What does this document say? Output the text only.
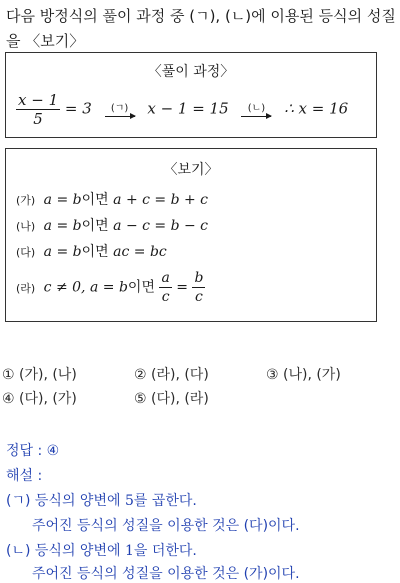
다음 방정식의 풀이 과정 중 (ㄱ), (ㄴ)에 이용된 등식의 성질을 〈보기〉
〈풀이 과정〉
$\frac{x - 1}{5} = 3$ (ㄱ) x − 1 = 15 (ㄴ) ∴ x = 16
〈보기〉
(가) a = b이면 a + c = b + c
(나) a = b이면 a − c = b − c
(다) a = b이면 ac = bc
(라) c ≠ 0, a = b이면 $\frac{a}{c} = \frac{b}{c}$
① (가), (나)	② (라), (다)	③ (나), (가)
④ (다), (가)	⑤ (다), (라)
정답 : ④
해설 :
(ㄱ) 등식의 양변에 5를 곱한다.
주어진 등식의 성질을 이용한 것은 (다)이다.
(ㄴ) 등식의 양변에 1을 더한다.
주어진 등식의 성질을 이용한 것은 (가)이다.
